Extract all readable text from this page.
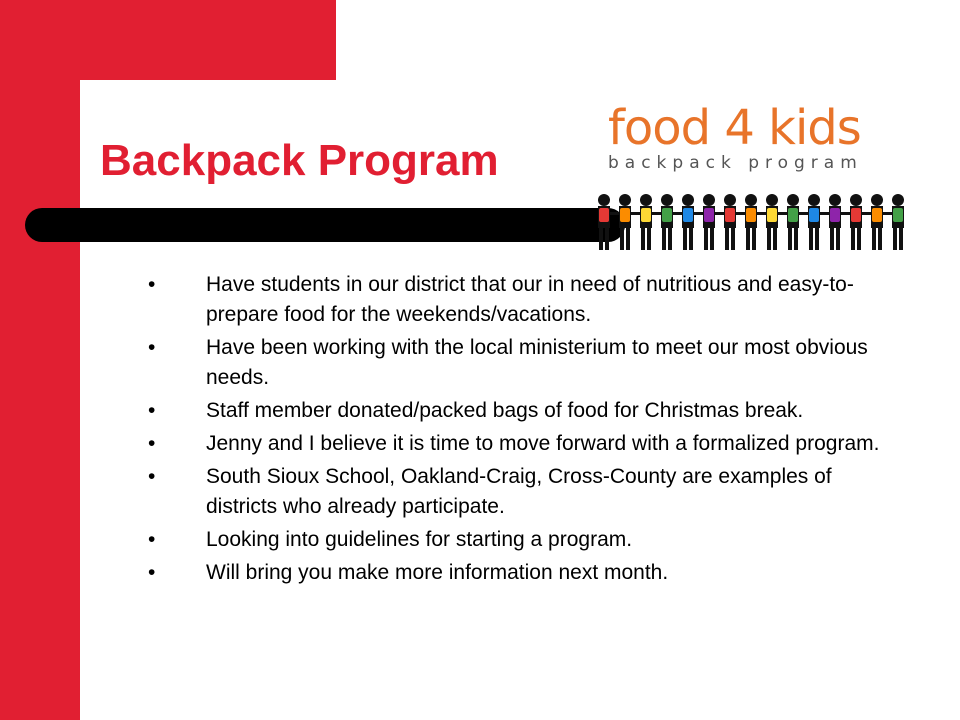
Backpack Program
food 4 kids
backpack program
• Have students in our district that our in need of nutritious and easy-to-prepare food for the weekends/vacations.
• Have been working with the local ministerium to meet our most obvious needs.
• Staff member donated/packed bags of food for Christmas break.
• Jenny and I believe it is time to move forward with a formalized program.
• South Sioux School, Oakland-Craig, Cross-County are examples of districts who already participate.
• Looking into guidelines for starting a program.
• Will bring you make more information next month.
